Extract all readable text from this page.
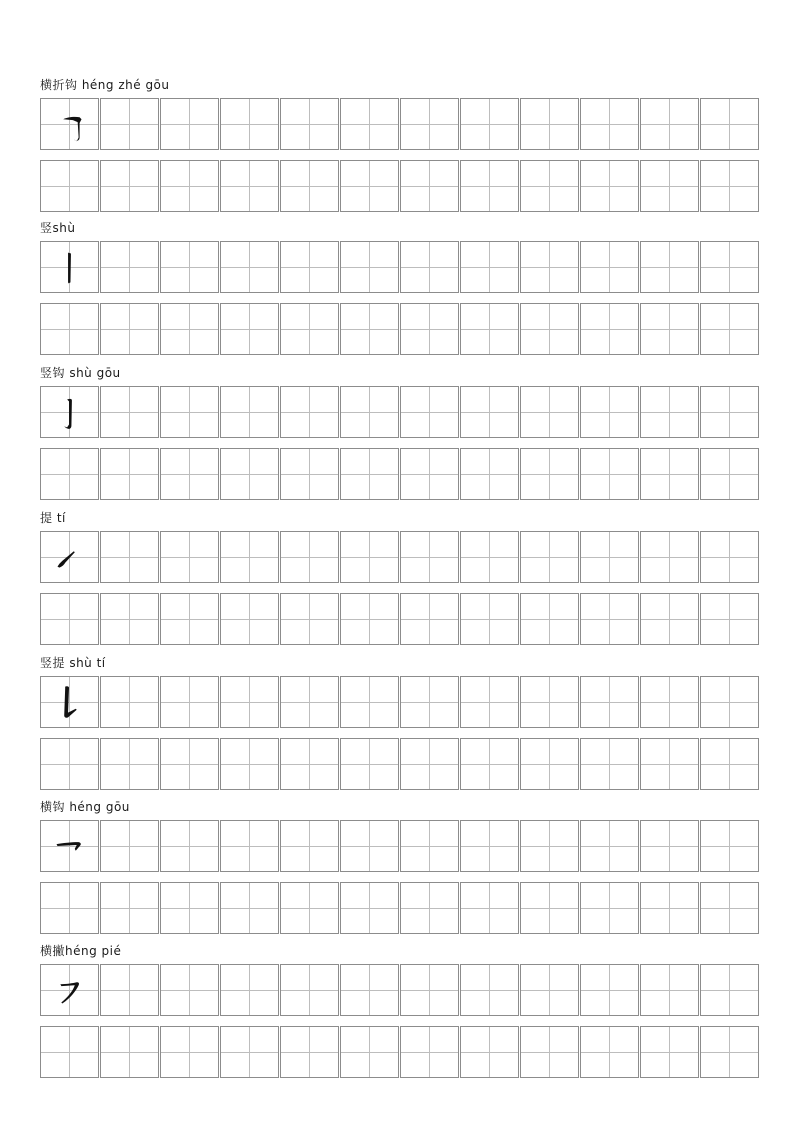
横折钩 héng zhé gōu
竖shù
竖钩 shù gōu
提 tí
竖提 shù tí
横钩 héng gōu
横撇héng pié
